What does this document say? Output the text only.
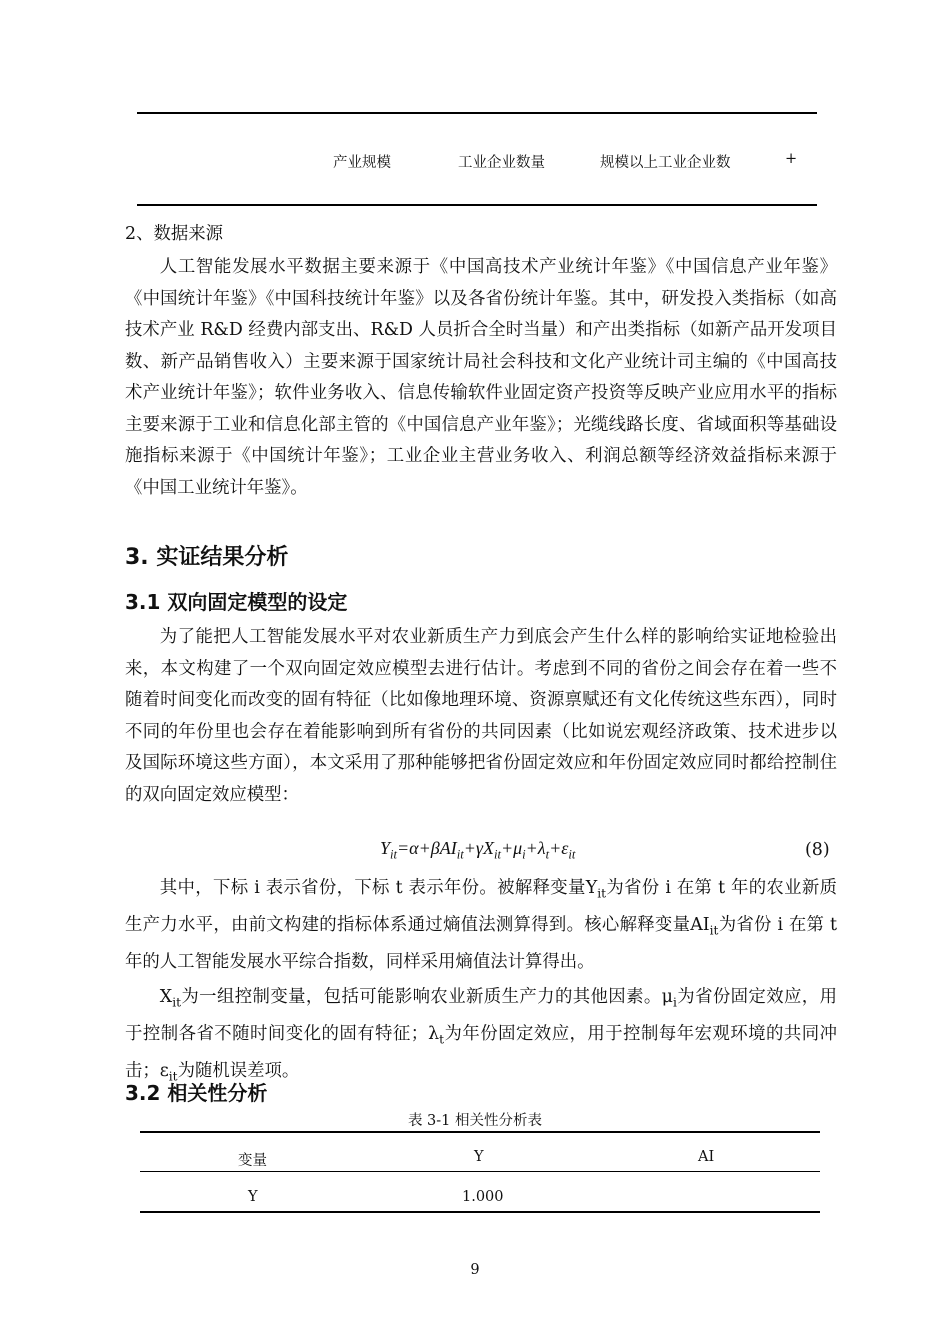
产业规模	工业企业数量	规模以上工业企业数	+
2、数据来源

人工智能发展水平数据主要来源于《中国高技术产业统计年鉴》《中国信息产业年鉴》《中国统计年鉴》《中国科技统计年鉴》以及各省份统计年鉴。其中，研发投入类指标（如高技术产业 R&D 经费内部支出、R&D 人员折合全时当量）和产出类指标（如新产品开发项目数、新产品销售收入）主要来源于国家统计局社会科技和文化产业统计司主编的《中国高技术产业统计年鉴》；软件业务收入、信息传输软件业固定资产投资等反映产业应用水平的指标主要来源于工业和信息化部主管的《中国信息产业年鉴》；光缆线路长度、省域面积等基础设施指标来源于《中国统计年鉴》；工业企业主营业务收入、利润总额等经济效益指标来源于《中国工业统计年鉴》。

3. 实证结果分析
3.1 双向固定模型的设定

为了能把人工智能发展水平对农业新质生产力到底会产生什么样的影响给实证地检验出来，本文构建了一个双向固定效应模型去进行估计。考虑到不同的省份之间会存在着一些不随着时间变化而改变的固有特征（比如像地理环境、资源禀赋还有文化传统这些东西），同时不同的年份里也会存在着能影响到所有省份的共同因素（比如说宏观经济政策、技术进步以及国际环境这些方面），本文采用了那种能够把省份固定效应和年份固定效应同时都给控制住的双向固定效应模型：

$Y_{it}=\alpha+\beta AI_{it}+\gamma X_{it}+\mu_i+\lambda_t+\varepsilon_{it}$	(8)

其中，下标 i 表示省份，下标 t 表示年份。被解释变量$Y_{it}$为省份 i 在第 t 年的农业新质生产力水平，由前文构建的指标体系通过熵值法测算得到。核心解释变量$AI_{it}$为省份 i 在第 t 年的人工智能发展水平综合指数，同样采用熵值法计算得出。

$X_{it}$为一组控制变量，包括可能影响农业新质生产力的其他因素。$\mu_i$为省份固定效应，用于控制各省不随时间变化的固有特征；$\lambda_t$为年份固定效应，用于控制每年宏观环境的共同冲击；$\varepsilon_{it}$为随机误差项。

3.2 相关性分析
表 3-1 相关性分析表
变量	Y	AI
Y	1.000
9
